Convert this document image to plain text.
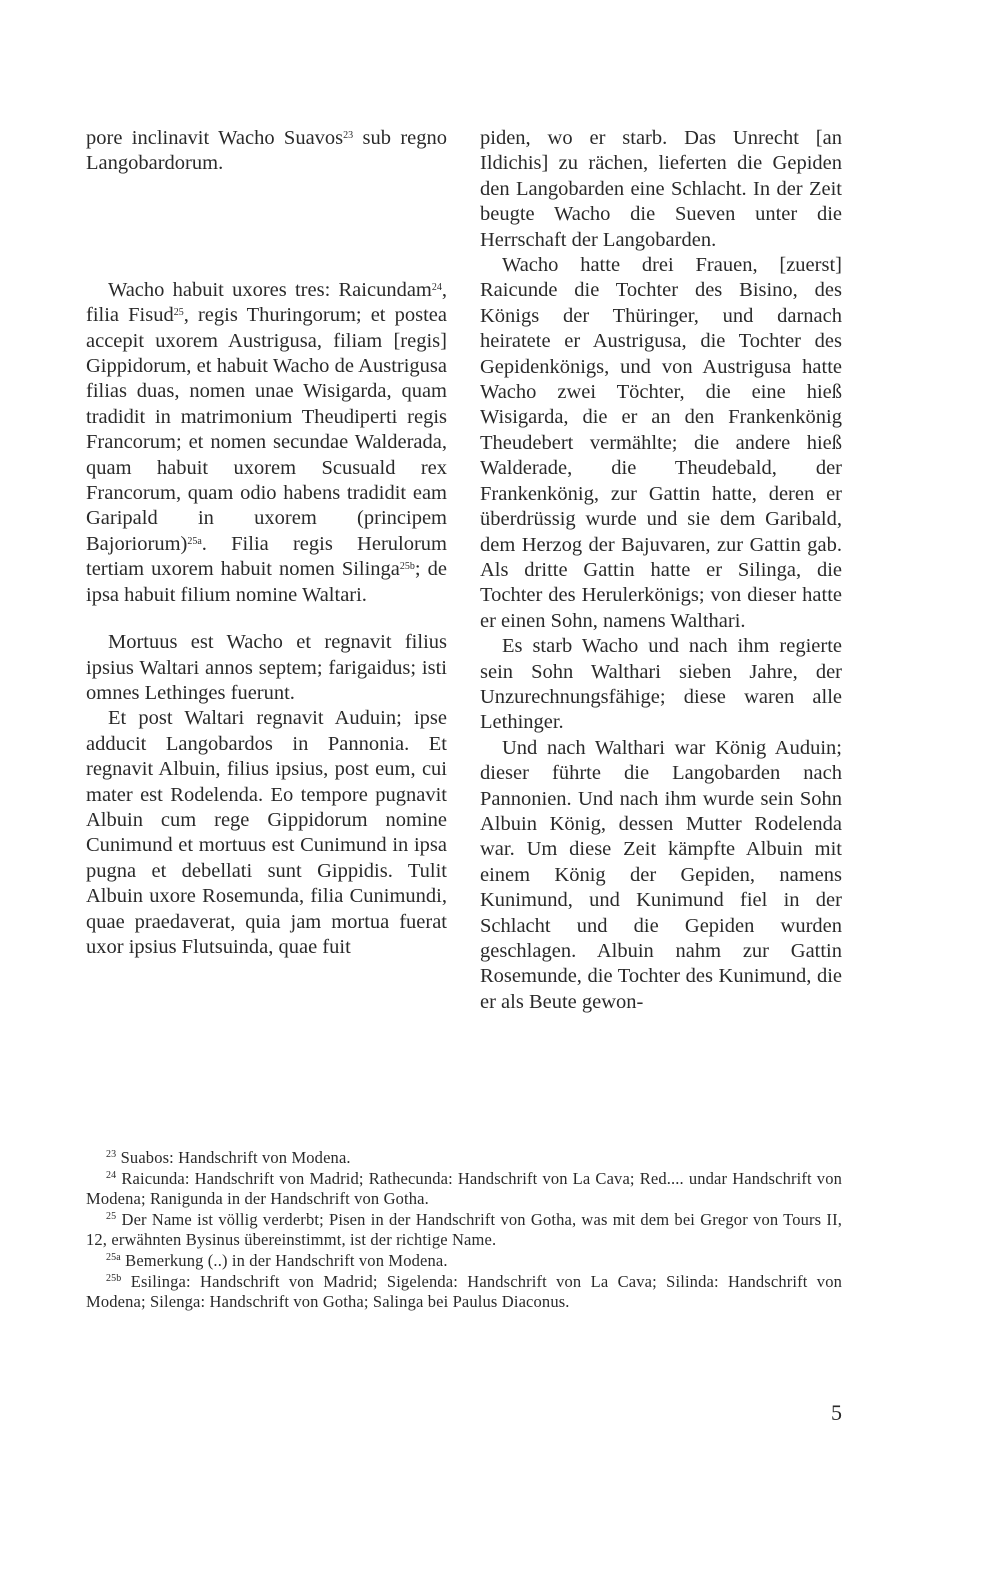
pore inclinavit Wacho Suavos$^{23}$ sub regno Langobardorum.

Wacho habuit uxores tres: Raicundam$^{24}$, filia Fisud$^{25}$, regis Thuringorum; et postea accepit uxorem Austrigusa, filiam [regis] Gippidorum, et habuit Wacho de Austrigusa filias duas, nomen unae Wisigarda, quam tradidit in matrimonium Theudiperti regis Francorum; et nomen secundae Walderada, quam habuit uxorem Scusuald rex Francorum, quam odio habens tradidit eam Garipald in uxorem (principem Bajoriorum)$^{25a}$. Filia regis Herulorum tertiam uxorem habuit nomen Silinga$^{25b}$; de ipsa habuit filium nomine Waltari.

Mortuus est Wacho et regnavit filius ipsius Waltari annos septem; farigaidus; isti omnes Lethinges fuerunt.

Et post Waltari regnavit Auduin; ipse adducit Langobardos in Pannonia. Et regnavit Albuin, filius ipsius, post eum, cui mater est Rodelenda. Eo tempore pugnavit Albuin cum rege Gippidorum nomine Cunimund et mortuus est Cunimund in ipsa pugna et debellati sunt Gippidis. Tulit Albuin uxore Rosemunda, filia Cunimundi, quae praedaverat, quia jam mortua fuerat uxor ipsius Flutsuinda, quae fuit

piden, wo er starb. Das Unrecht [an Ildichis] zu rächen, lieferten die Gepiden den Langobarden eine Schlacht. In der Zeit beugte Wacho die Sueven unter die Herrschaft der Langobarden.

Wacho hatte drei Frauen, [zuerst] Raicunde die Tochter des Bisino, des Königs der Thüringer, und darnach heiratete er Austrigusa, die Tochter des Gepidenkönigs, und von Austrigusa hatte Wacho zwei Töchter, die eine hieß Wisigarda, die er an den Frankenkönig Theudebert vermählte; die andere hieß Walderade, die Theudebald, der Frankenkönig, zur Gattin hatte, deren er überdrüssig wurde und sie dem Garibald, dem Herzog der Bajuvaren, zur Gattin gab. Als dritte Gattin hatte er Silinga, die Tochter des Herulerkönigs; von dieser hatte er einen Sohn, namens Walthari.

Es starb Wacho und nach ihm regierte sein Sohn Walthari sieben Jahre, der Unzurechnungsfähige; diese waren alle Lethinger.

Und nach Walthari war König Auduin; dieser führte die Langobarden nach Pannonien. Und nach ihm wurde sein Sohn Albuin König, dessen Mutter Rodelenda war. Um diese Zeit kämpfte Albuin mit einem König der Gepiden, namens Kunimund, und Kunimund fiel in der Schlacht und die Gepiden wurden geschlagen. Albuin nahm zur Gattin Rosemunde, die Tochter des Kunimund, die er als Beute gewon-

$^{23}$ Suabos: Handschrift von Modena.

$^{24}$ Raicunda: Handschrift von Madrid; Rathecunda: Handschrift von La Cava; Red.... undar Handschrift von Modena; Ranigunda in der Handschrift von Gotha.

$^{25}$ Der Name ist völlig verderbt; Pisen in der Handschrift von Gotha, was mit dem bei Gregor von Tours II, 12, erwähnten Bysinus übereinstimmt, ist der richtige Name.

$^{25a}$ Bemerkung (..) in der Handschrift von Modena.

$^{25b}$ Esilinga: Handschrift von Madrid; Sigelenda: Handschrift von La Cava; Silinda: Handschrift von Modena; Silenga: Handschrift von Gotha; Salinga bei Paulus Diaconus.

5
